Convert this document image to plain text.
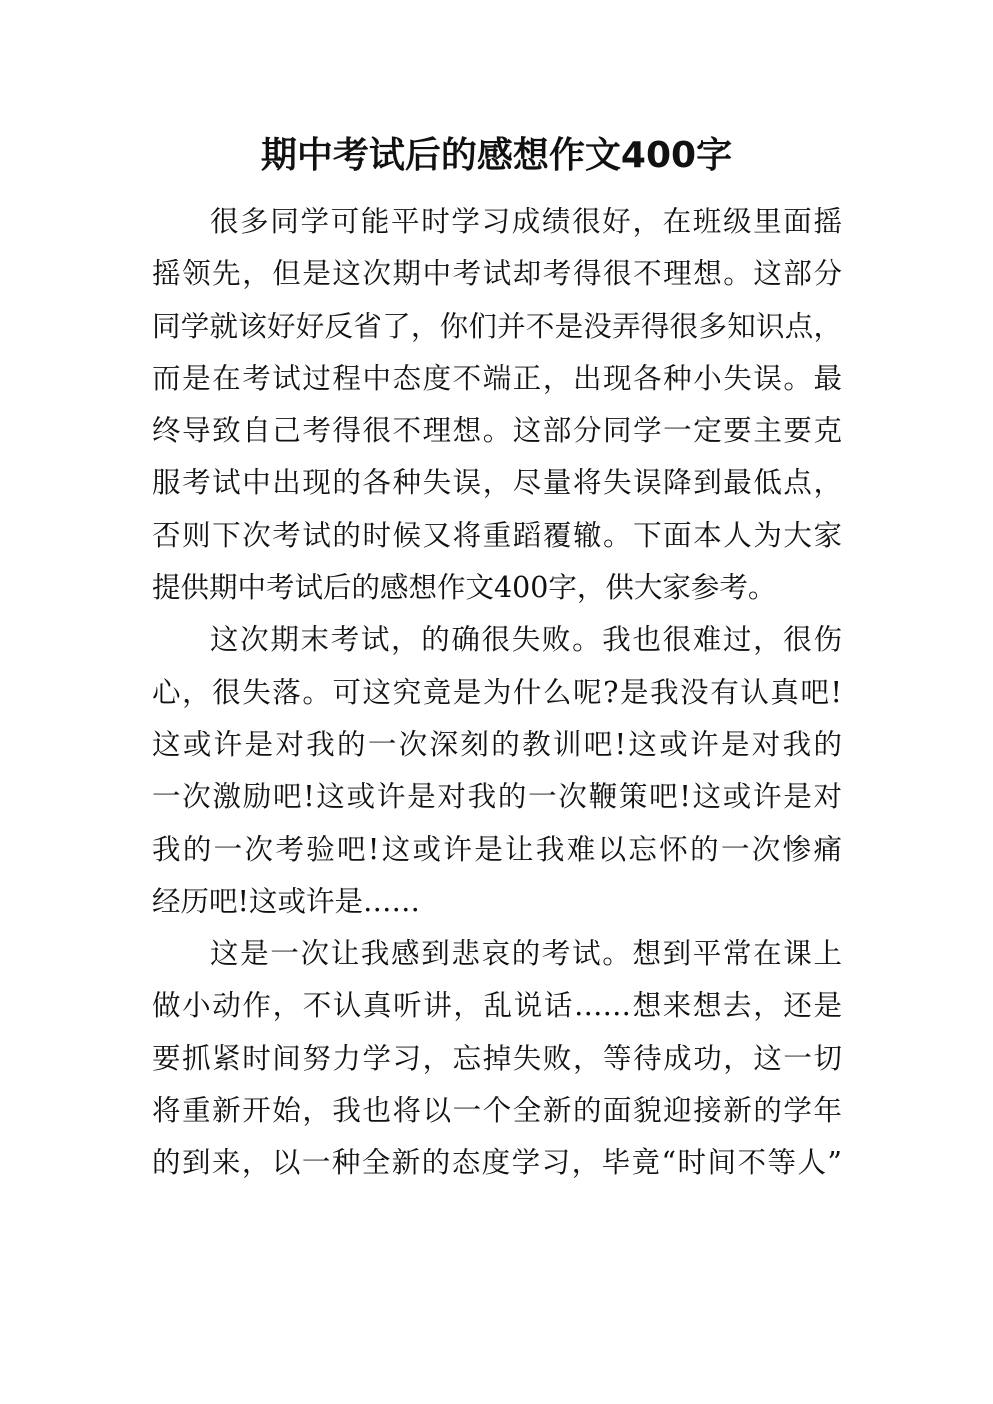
期中考试后的感想作文400字
很多同学可能平时学习成绩很好，在班级里面摇
摇领先，但是这次期中考试却考得很不理想。这部分
同学就该好好反省了，你们并不是没弄得很多知识点，
而是在考试过程中态度不端正，出现各种小失误。最
终导致自己考得很不理想。这部分同学一定要主要克
服考试中出现的各种失误，尽量将失误降到最低点，
否则下次考试的时候又将重蹈覆辙。下面本人为大家
提供期中考试后的感想作文400字，供大家参考。
这次期末考试，的确很失败。我也很难过，很伤
心，很失落。可这究竟是为什么呢?是我没有认真吧!
这或许是对我的一次深刻的教训吧!这或许是对我的
一次激励吧!这或许是对我的一次鞭策吧!这或许是对
我的一次考验吧!这或许是让我难以忘怀的一次惨痛
经历吧!这或许是……
这是一次让我感到悲哀的考试。想到平常在课上
做小动作，不认真听讲，乱说话……想来想去，还是
要抓紧时间努力学习，忘掉失败，等待成功，这一切
将重新开始，我也将以一个全新的面貌迎接新的学年
的到来，以一种全新的态度学习，毕竟“时间不等人”
